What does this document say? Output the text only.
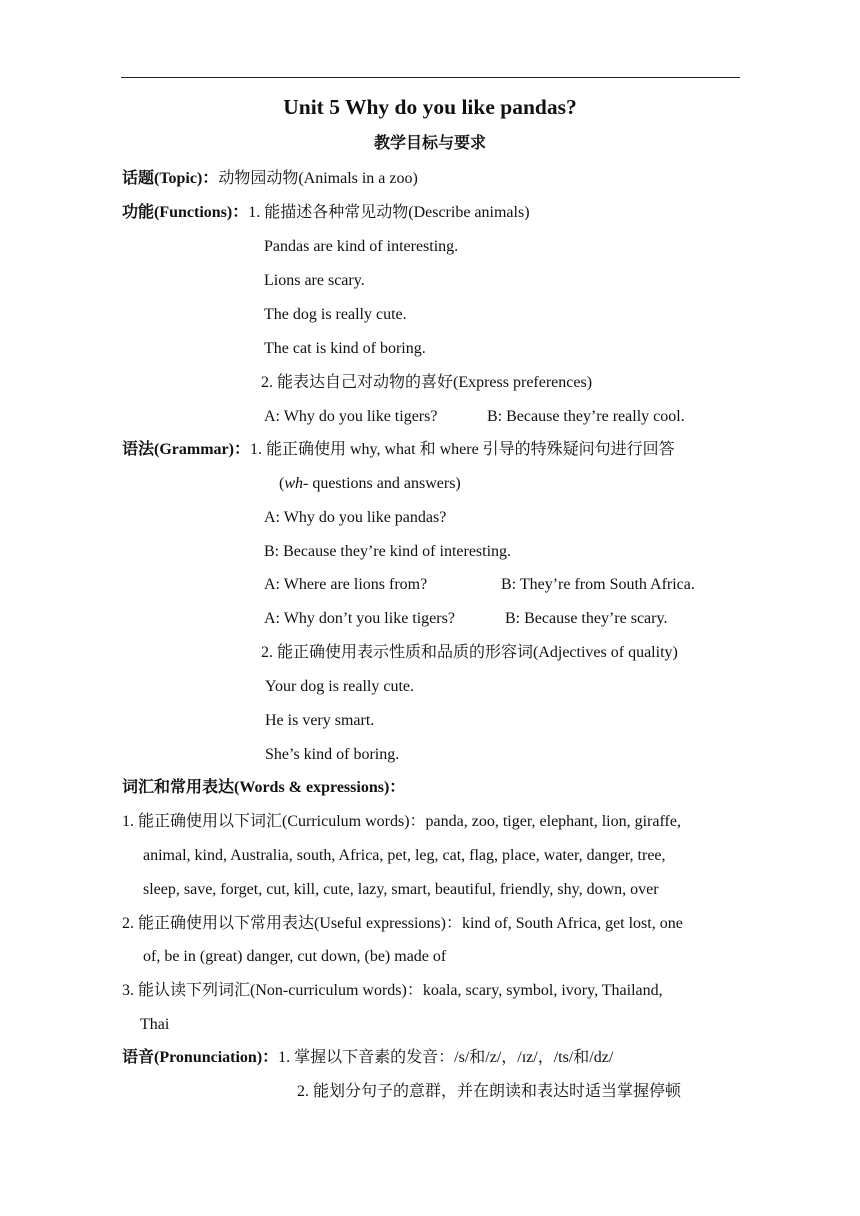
Unit 5 Why do you like pandas?
教学目标与要求
话题(Topic)：动物园动物(Animals in a zoo)
功能(Functions)：1. 能描述各种常见动物(Describe animals)
Pandas are kind of interesting.
Lions are scary.
The dog is really cute.
The cat is kind of boring.
2. 能表达自己对动物的喜好(Express preferences)
A: Why do you like tigers?	B: Because they’re really cool.
语法(Grammar)：1. 能正确使用 why, what 和 where 引导的特殊疑问句进行回答
(wh- questions and answers)
A: Why do you like pandas?
B: Because they’re kind of interesting.
A: Where are lions from?	B: They’re from South Africa.
A: Why don’t you like tigers?	B: Because they’re scary.
2. 能正确使用表示性质和品质的形容词(Adjectives of quality)
Your dog is really cute.
He is very smart.
She’s kind of boring.
词汇和常用表达(Words & expressions)：
1. 能正确使用以下词汇(Curriculum words)：panda, zoo, tiger, elephant, lion, giraffe,
animal, kind, Australia, south, Africa, pet, leg, cat, flag, place, water, danger, tree,
sleep, save, forget, cut, kill, cute, lazy, smart, beautiful, friendly, shy, down, over
2. 能正确使用以下常用表达(Useful expressions)：kind of, South Africa, get lost, one
of, be in (great) danger, cut down, (be) made of
3. 能认读下列词汇(Non-curriculum words)：koala, scary, symbol, ivory, Thailand,
Thai
语音(Pronunciation)：1. 掌握以下音素的发音：/s/和/z/，/ɪz/，/ts/和/dz/
2. 能划分句子的意群，并在朗读和表达时适当掌握停顿
